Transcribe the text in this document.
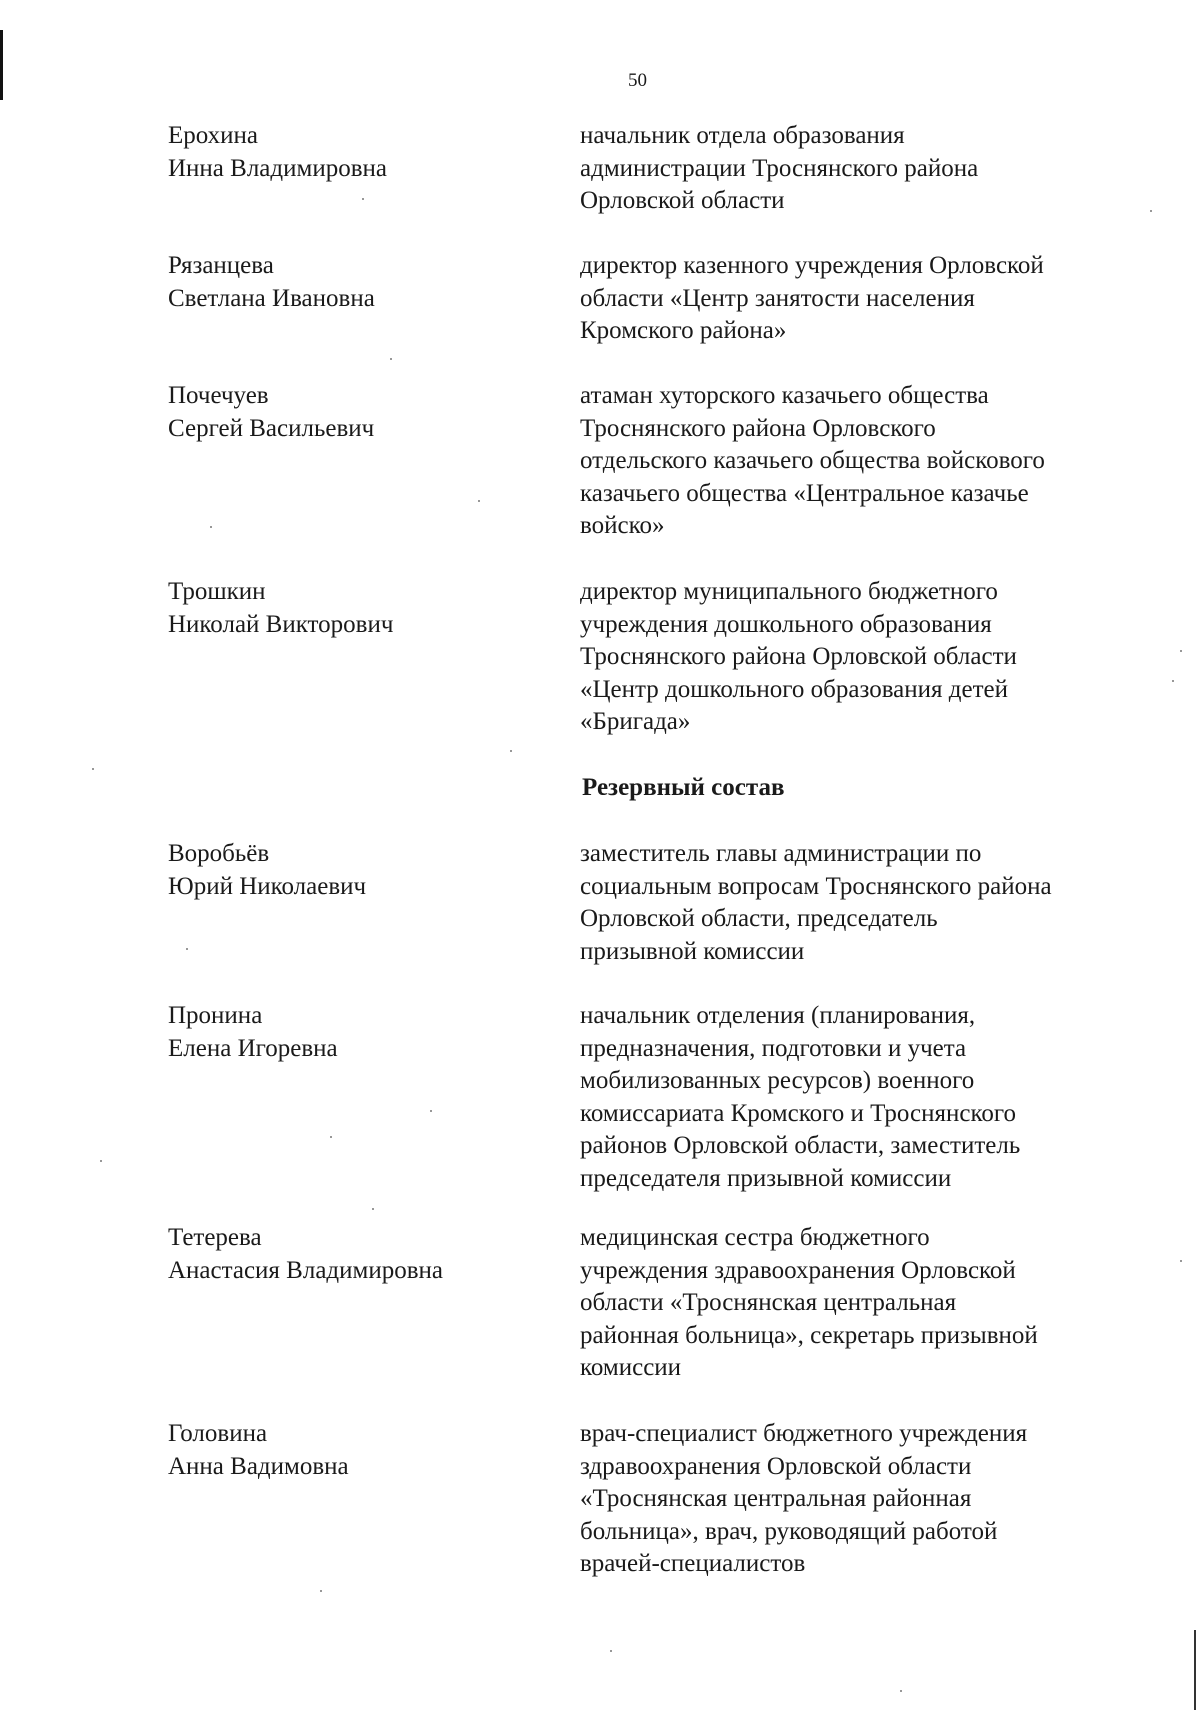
50
Ерохина
Инна Владимировна
начальник отдела образования
администрации Троснянского района
Орловской области
Рязанцева
Светлана Ивановна
директор казенного учреждения Орловской
области «Центр занятости населения
Кромского района»
Почечуев
Сергей Васильевич
атаман хуторского казачьего общества
Троснянского района Орловского
отдельского казачьего общества войскового
казачьего общества «Центральное казачье
войско»
Трошкин
Николай Викторович
директор муниципального бюджетного
учреждения дошкольного образования
Троснянского района Орловской области
«Центр дошкольного образования детей
«Бригада»
Резервный состав
Воробьёв
Юрий Николаевич
заместитель главы администрации по
социальным вопросам Троснянского района
Орловской области, председатель
призывной комиссии
Пронина
Елена Игоревна
начальник отделения (планирования,
предназначения, подготовки и учета
мобилизованных ресурсов) военного
комиссариата Кромского и Троснянского
районов Орловской области, заместитель
председателя призывной комиссии
Тетерева
Анастасия Владимировна
медицинская сестра бюджетного
учреждения здравоохранения Орловской
области «Троснянская центральная
районная больница», секретарь призывной
комиссии
Головина
Анна Вадимовна
врач-специалист бюджетного учреждения
здравоохранения Орловской области
«Троснянская центральная районная
больница», врач, руководящий работой
врачей-специалистов
